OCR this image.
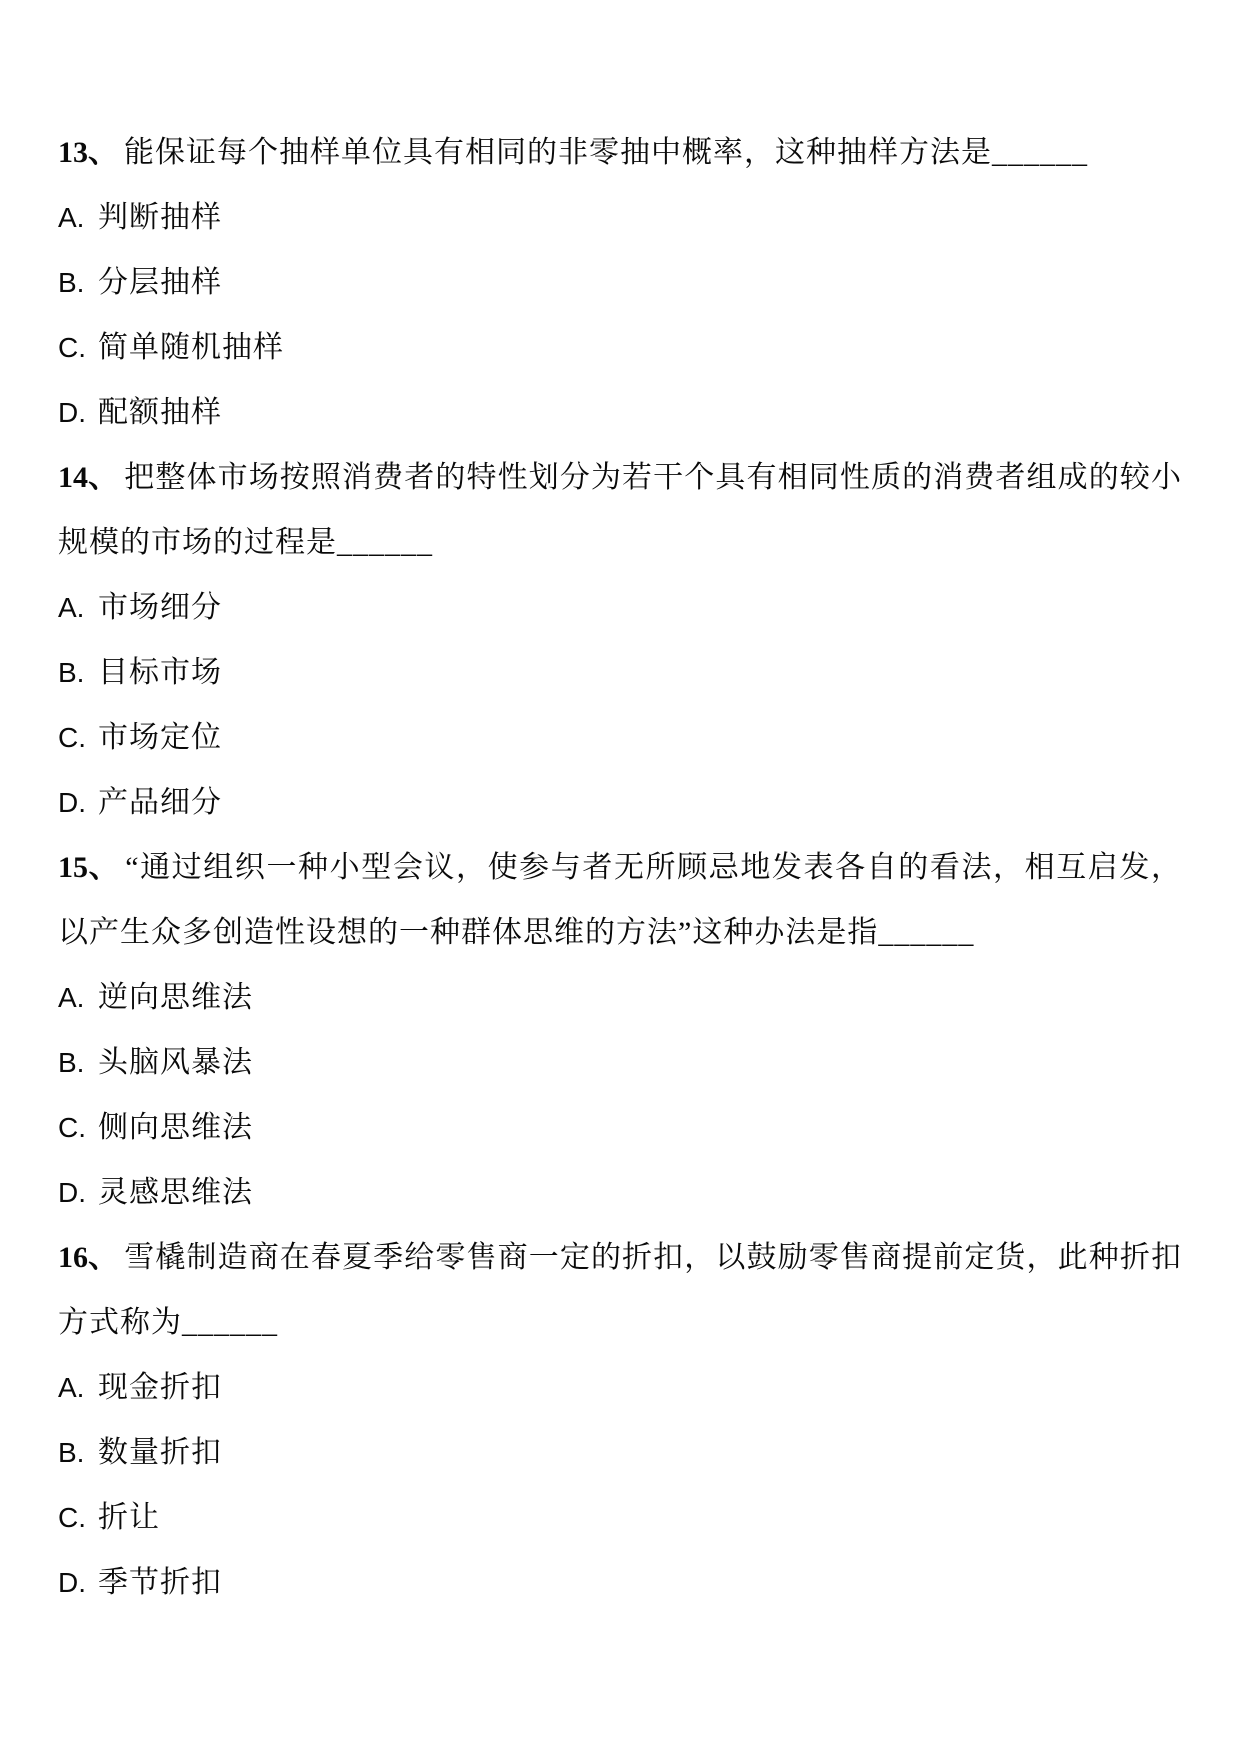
13、 能保证每个抽样单位具有相同的非零抽中概率，这种抽样方法是______

A. 判断抽样

B. 分层抽样

C. 简单随机抽样

D. 配额抽样

14、 把整体市场按照消费者的特性划分为若干个具有相同性质的消费者组成的较小规模的市场的过程是______

A. 市场细分

B. 目标市场

C. 市场定位

D. 产品细分

15、 “通过组织一种小型会议，使参与者无所顾忌地发表各自的看法，相互启发，以产生众多创造性设想的一种群体思维的方法”这种办法是指______

A. 逆向思维法

B. 头脑风暴法

C. 侧向思维法

D. 灵感思维法

16、 雪橇制造商在春夏季给零售商一定的折扣，以鼓励零售商提前定货，此种折扣方式称为______

A. 现金折扣

B. 数量折扣

C. 折让

D. 季节折扣
